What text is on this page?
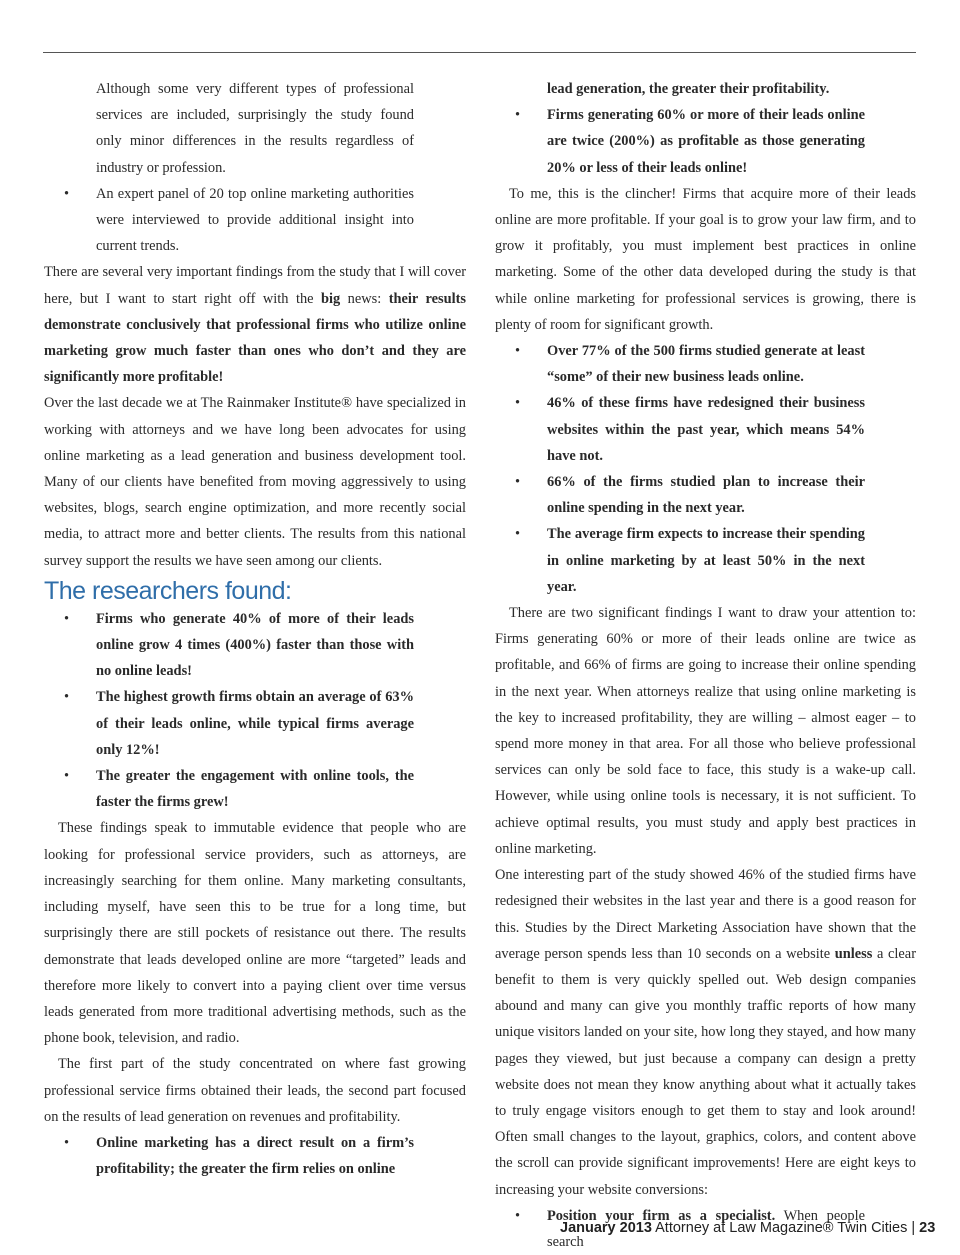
Although some very different types of professional services are included, surprisingly the study found only minor differences in the results regardless of industry or profession.

• An expert panel of 20 top online marketing authorities were interviewed to provide additional insight into current trends.

There are several very important findings from the study that I will cover here, but I want to start right off with the big news: their results demonstrate conclusively that professional firms who utilize online marketing grow much faster than ones who don’t and they are significantly more profitable!

Over the last decade we at The Rainmaker Institute® have specialized in working with attorneys and we have long been advocates for using online marketing as a lead generation and business development tool. Many of our clients have benefited from moving aggressively to using websites, blogs, search engine optimization, and more recently social media, to attract more and better clients. The results from this national survey support the results we have seen among our clients.

The researchers found:
• Firms who generate 40% of more of their leads online grow 4 times (400%) faster than those with no online leads!
• The highest growth firms obtain an average of 63% of their leads online, while typical firms average only 12%!
• The greater the engagement with online tools, the faster the firms grew!

These findings speak to immutable evidence that people who are looking for professional service providers, such as attorneys, are increasingly searching for them online. Many marketing consultants, including myself, have seen this to be true for a long time, but surprisingly there are still pockets of resistance out there. The results demonstrate that leads developed online are more “targeted” leads and therefore more likely to convert into a paying client over time versus leads generated from more traditional advertising methods, such as the phone book, television, and radio.

The first part of the study concentrated on where fast growing professional service firms obtained their leads, the second part focused on the results of lead generation on revenues and profitability.

• Online marketing has a direct result on a firm’s profitability; the greater the firm relies on online

lead generation, the greater their profitability.

• Firms generating 60% or more of their leads online are twice (200%) as profitable as those generating 20% or less of their leads online!

To me, this is the clincher! Firms that acquire more of their leads online are more profitable. If your goal is to grow your law firm, and to grow it profitably, you must implement best practices in online marketing. Some of the other data developed during the study is that while online marketing for professional services is growing, there is plenty of room for significant growth.

• Over 77% of the 500 firms studied generate at least “some” of their new business leads online.
• 46% of these firms have redesigned their business websites within the past year, which means 54% have not.
• 66% of the firms studied plan to increase their online spending in the next year.
• The average firm expects to increase their spending in online marketing by at least 50% in the next year.

There are two significant findings I want to draw your attention to: Firms generating 60% or more of their leads online are twice as profitable, and 66% of firms are going to increase their online spending in the next year. When attorneys realize that using online marketing is the key to increased profitability, they are willing – almost eager – to spend more money in that area. For all those who believe professional services can only be sold face to face, this study is a wake-up call. However, while using online tools is necessary, it is not sufficient. To achieve optimal results, you must study and apply best practices in online marketing.

One interesting part of the study showed 46% of the studied firms have redesigned their websites in the last year and there is a good reason for this. Studies by the Direct Marketing Association have shown that the average person spends less than 10 seconds on a website unless a clear benefit to them is very quickly spelled out. Web design companies abound and many can give you monthly traffic reports of how many unique visitors landed on your site, how long they stayed, and how many pages they viewed, but just because a company can design a pretty website does not mean they know anything about what it actually takes to truly engage visitors enough to get them to stay and look around! Often small changes to the layout, graphics, colors, and content above the scroll can provide significant improvements! Here are eight keys to increasing your website conversions:

• Position your firm as a specialist. When people search
January 2013 Attorney at Law Magazine® Twin Cities | 23
